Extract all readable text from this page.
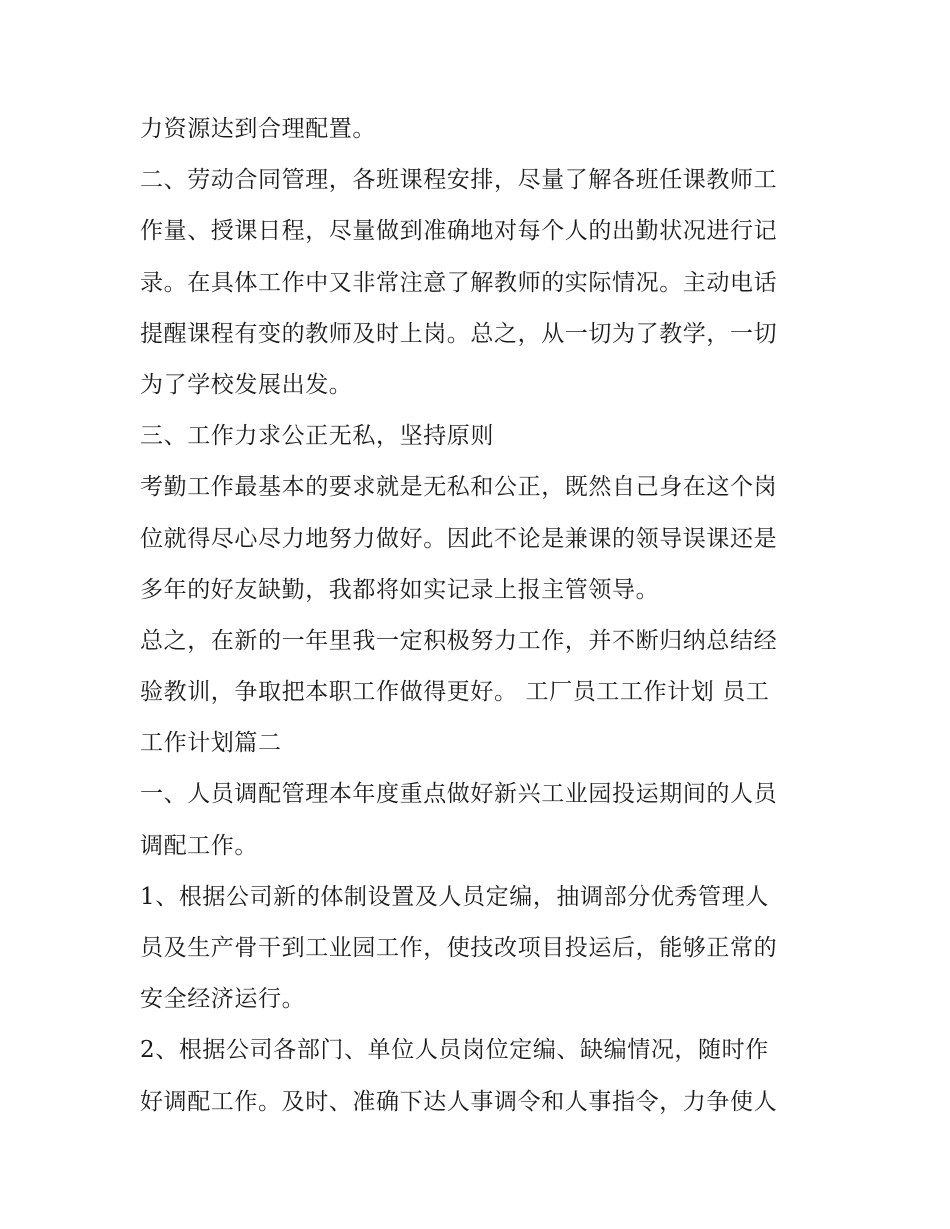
力资源达到合理配置。
二、劳动合同管理，各班课程安排，尽量了解各班任课教师工
作量、授课日程，尽量做到准确地对每个人的出勤状况进行记
录。在具体工作中又非常注意了解教师的实际情况。主动电话
提醒课程有变的教师及时上岗。总之，从一切为了教学，一切
为了学校发展出发。
三、工作力求公正无私，坚持原则
考勤工作最基本的要求就是无私和公正，既然自己身在这个岗
位就得尽心尽力地努力做好。因此不论是兼课的领导误课还是
多年的好友缺勤，我都将如实记录上报主管领导。
总之，在新的一年里我一定积极努力工作，并不断归纳总结经
验教训，争取把本职工作做得更好。 工厂员工工作计划 员工
工作计划篇二
一、人员调配管理本年度重点做好新兴工业园投运期间的人员
调配工作。
1、根据公司新的体制设置及人员定编，抽调部分优秀管理人
员及生产骨干到工业园工作，使技改项目投运后，能够正常的
安全经济运行。
2、根据公司各部门、单位人员岗位定编、缺编情况，随时作
好调配工作。及时、准确下达人事调令和人事指令，力争使人
